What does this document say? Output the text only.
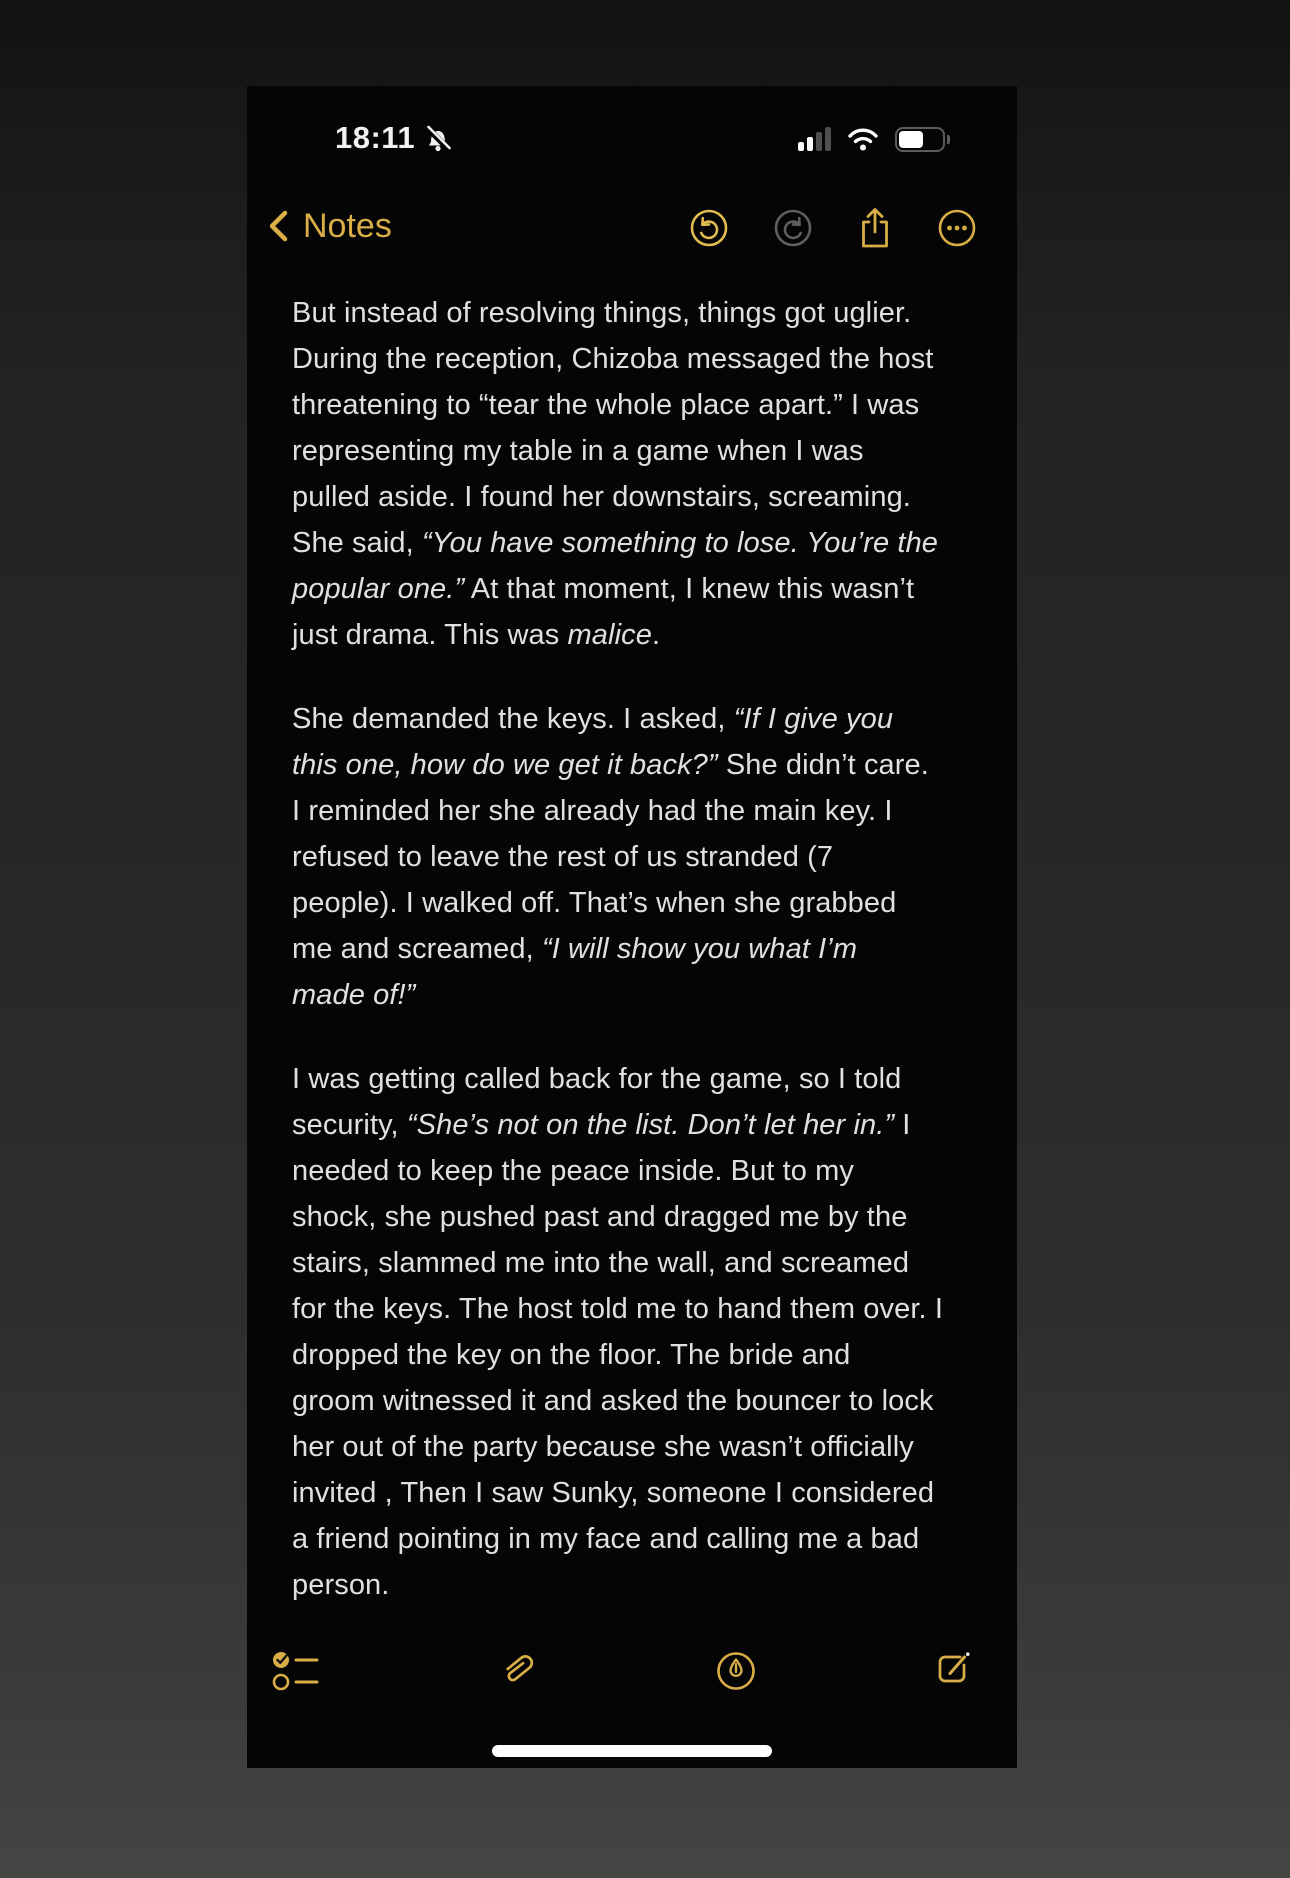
18:11
Notes
But instead of resolving things, things got uglier.
During the reception, Chizoba messaged the host
threatening to “tear the whole place apart.” I was
representing my table in a game when I was
pulled aside. I found her downstairs, screaming.
She said, “You have something to lose. You’re the
popular one.” At that moment, I knew this wasn’t
just drama. This was malice.
She demanded the keys. I asked, “If I give you
this one, how do we get it back?” She didn’t care.
I reminded her she already had the main key. I
refused to leave the rest of us stranded (7
people). I walked off. That’s when she grabbed
me and screamed, “I will show you what I’m
made of!”
I was getting called back for the game, so I told
security, “She’s not on the list. Don’t let her in.” I
needed to keep the peace inside. But to my
shock, she pushed past and dragged me by the
stairs, slammed me into the wall, and screamed
for the keys. The host told me to hand them over. I
dropped the key on the floor. The bride and
groom witnessed it and asked the bouncer to lock
her out of the party because she wasn’t officially
invited , Then I saw Sunky, someone I considered
a friend pointing in my face and calling me a bad
person.
